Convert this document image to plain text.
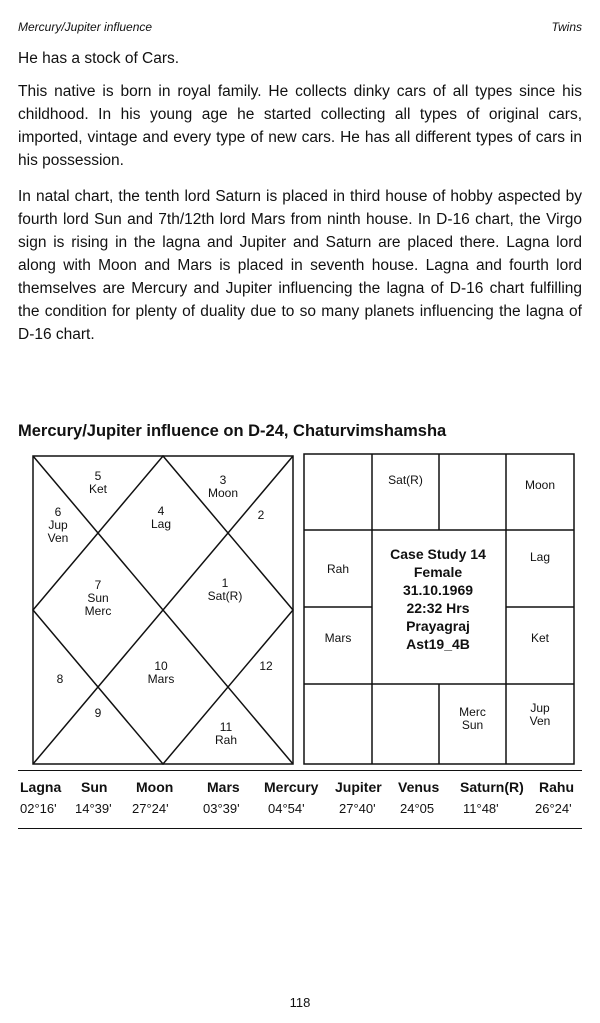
Mercury/Jupiter influence	Twins

He has a stock of Cars.

This native is born in royal family. He collects dinky cars of all types since his childhood. In his young age he started collecting all types of original cars, imported, vintage and every type of new cars. He has all different types of cars in his possession.

In natal chart, the tenth lord Saturn is placed in third house of hobby aspected by fourth lord Sun and 7th/12th lord Mars from ninth house. In D-16 chart, the Virgo sign is rising in the lagna and Jupiter and Saturn are placed there. Lagna lord along with Moon and Mars is placed in seventh house. Lagna and fourth lord themselves are Mercury and Jupiter influencing the lagna of D-16 chart fulfilling the condition for plenty of duality due to so many planets influencing the lagna of D-16 chart.

Mercury/Jupiter influence on D-24, Chaturvimshamsha
5
Ket
3
Moon
2
6
Jup
Ven
4
Lag
7
Sun
Merc
1
Sat(R)
8
10
Mars
12
9
11
Rah
Sat(R)	Moon
Rah
Lag
Mars	Ket
Merc
Sun
Jup
Ven
Case Study 14
Female
31.10.1969
22:32 Hrs
Prayagraj
Ast19_4B
Lagna Sun Moon Mars Mercury Jupiter Venus Saturn(R) Rahu
02°16' 14°39' 27°24'	03°39' 04°54'	27°40' 24°05 11°48'	26°24'
118
